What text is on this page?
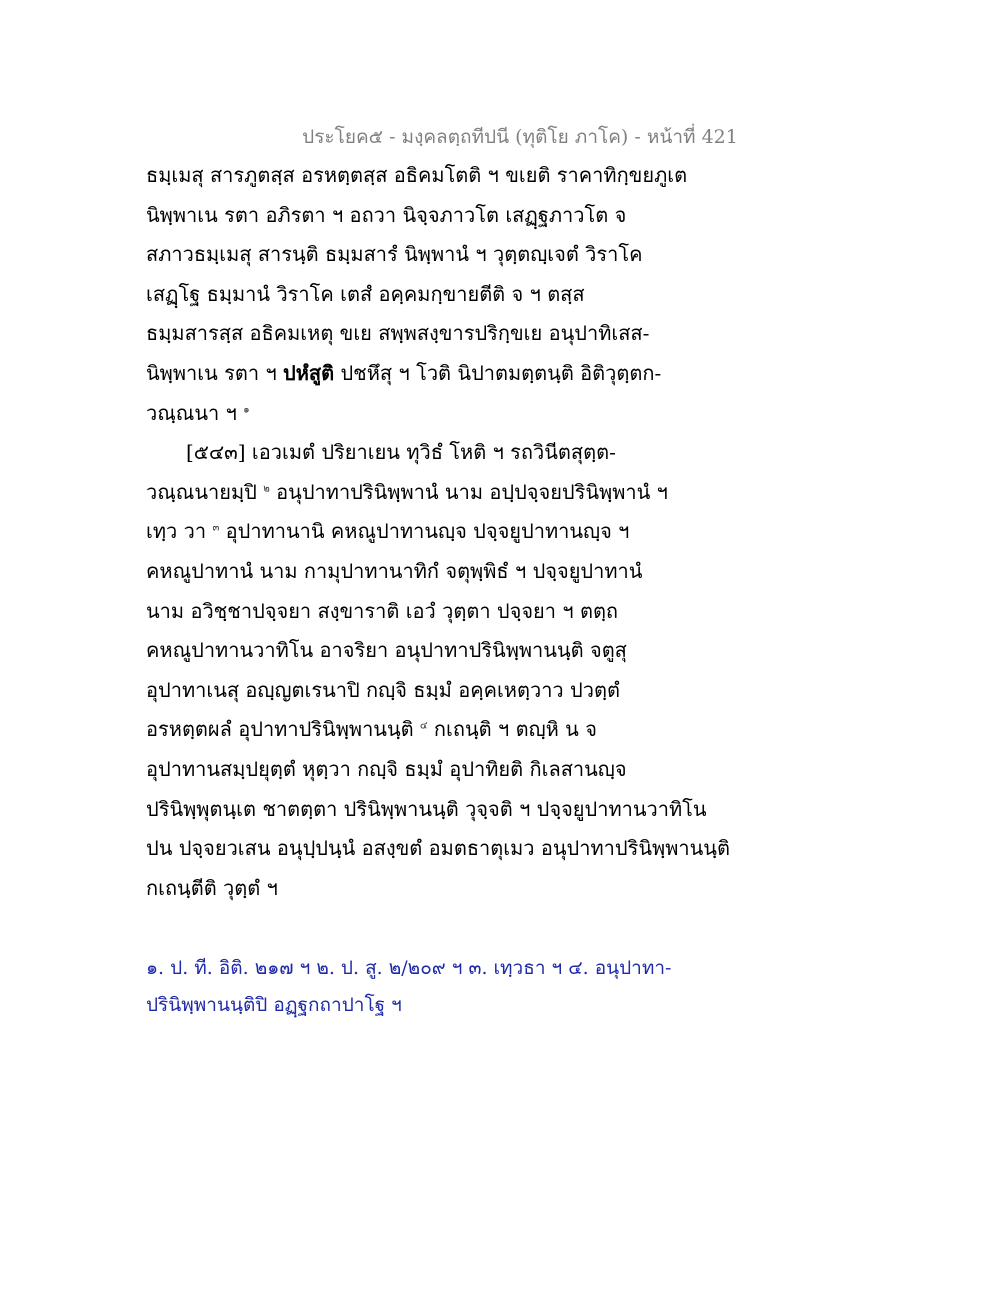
ประโยค๕ - มงฺคลตฺถทีปนี (ทุติโย ภาโค) - หน้าที่ 421
ธมฺเมสุ สารภูตสฺส อรหตฺตสฺส อธิคมโตติ ฯ ขเยติ ราคาทิกฺขยภูเต
นิพฺพาเน รตา อภิรตา ฯ อถวา นิจฺจภาวโต เสฏฺฐภาวโต จ
สภาวธมฺเมสุ สารนฺติ ธมฺมสารํ นิพฺพานํ ฯ วุตฺตญฺเจตํ วิราโค
เสฏฺโฐ ธมฺมานํ วิราโค เตสํ อคฺคมกฺขายตีติ จ ฯ ตสฺส
ธมฺมสารสฺส อธิคมเหตุ ขเย สพฺพสงฺขารปริกฺขเย อนุปาทิเสส-
นิพฺพาเน รตา ฯ ปหํสูติ ปชหึสุ ฯ โวติ นิปาตมตฺตนฺติ อิติวุตฺตก-
วณฺณนา ฯ $^๑$
[๕๔๓] เอวเมตํ ปริยาเยน ทุวิธํ โหติ ฯ รถวินีตสุตฺต-
วณฺณนายมฺปิ $^๒$ อนุปาทาปรินิพฺพานํ นาม อปฺปจฺจยปรินิพฺพานํ ฯ
เทฺว วา $^๓$ อุปาทานานิ คหณูปาทานญฺจ ปจฺจยูปาทานญฺจ ฯ
คหณูปาทานํ นาม กามุปาทานาทิกํ จตุพฺพิธํ ฯ ปจฺจยูปาทานํ
นาม อวิชฺชาปจฺจยา สงฺขาราติ เอวํ วุตฺตา ปจฺจยา ฯ ตตฺถ
คหณูปาทานวาทิโน อาจริยา อนุปาทาปรินิพฺพานนฺติ จตูสุ
อุปาทาเนสุ อญฺญตเรนาปิ กญฺจิ ธมฺมํ อคฺคเหตฺวาว ปวตฺตํ
อรหตฺตผลํ อุปาทาปรินิพฺพานนฺติ $^๔$ กเถนฺติ ฯ ตญฺหิ น จ
อุปาทานสมฺปยุตฺตํ หุตฺวา กญฺจิ ธมฺมํ อุปาทิยติ กิเลสานญฺจ
ปรินิพฺพุตนฺเต ชาตตฺตา ปรินิพฺพานนฺติ วุจฺจติ ฯ ปจฺจยูปาทานวาทิโน
ปน ปจฺจยวเสน อนุปฺปนฺนํ อสงฺขตํ อมตธาตุเมว อนุปาทาปรินิพฺพานนฺติ
กเถนฺตีติ วุตฺตํ ฯ
๑. ป. ที. อิติ. ๒๑๗ ฯ ๒. ป. สู. ๒/๒๐๙ ฯ ๓. เทฺวธา ฯ ๔. อนุปาทา-
ปรินิพฺพานนฺติปิ อฏฺฐกถาปาโฐ ฯ
